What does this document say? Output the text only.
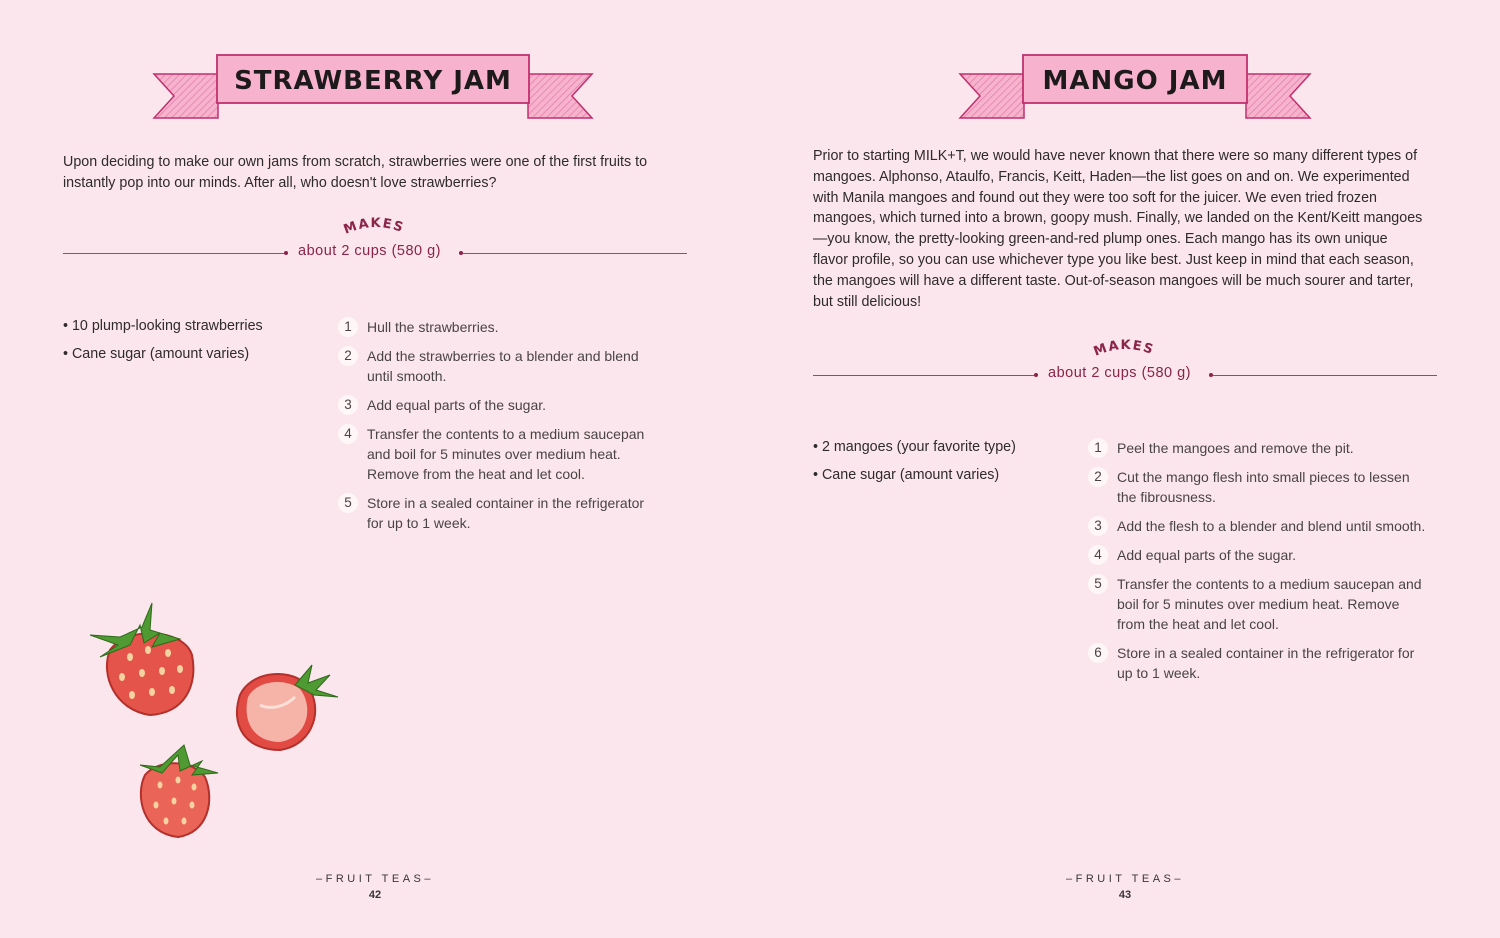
STRAWBERRY JAM
Upon deciding to make our own jams from scratch, strawberries were one of the first fruits to instantly pop into our minds. After all, who doesn't love strawberries?
MAKES
about 2 cups (580 g)
• 10 plump-looking strawberries
• Cane sugar (amount varies)
1	Hull the strawberries.
2	Add the strawberries to a blender and blend until smooth.
3	Add equal parts of the sugar.
4	Transfer the contents to a medium saucepan and boil for 5 minutes over medium heat. Remove from the heat and let cool.
5	Store in a sealed container in the refrigerator for up to 1 week.
–FRUIT TEAS–
42
MANGO JAM
Prior to starting MILK+T, we would have never known that there were so many different types of mangoes. Alphonso, Ataulfo, Francis, Keitt, Haden—the list goes on and on. We experimented with Manila mangoes and found out they were too soft for the juicer. We even tried frozen mangoes, which turned into a brown, goopy mush. Finally, we landed on the Kent/Keitt mangoes—you know, the pretty-looking green-and-red plump ones. Each mango has its own unique flavor profile, so you can use whichever type you like best. Just keep in mind that each season, the mangoes will have a different taste. Out-of-season mangoes will be much sourer and tarter, but still delicious!
MAKES
about 2 cups (580 g)
• 2 mangoes (your favorite type)
• Cane sugar (amount varies)
1	Peel the mangoes and remove the pit.
2	Cut the mango flesh into small pieces to lessen the fibrousness.
3	Add the flesh to a blender and blend until smooth.
4	Add equal parts of the sugar.
5	Transfer the contents to a medium saucepan and boil for 5 minutes over medium heat. Remove from the heat and let cool.
6	Store in a sealed container in the refrigerator for up to 1 week.
–FRUIT TEAS–
43
